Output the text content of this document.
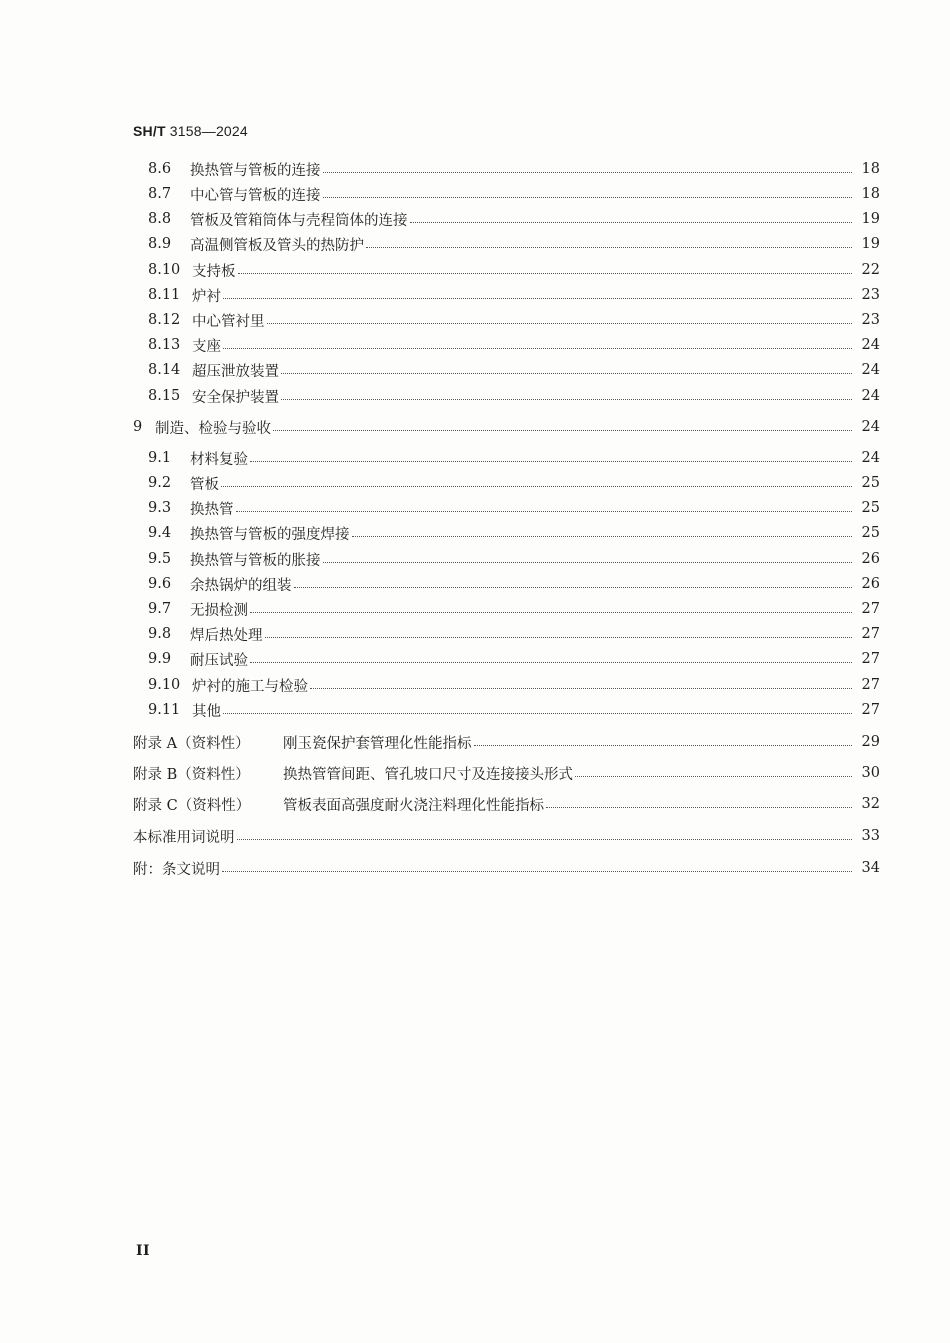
SH/T 3158—2024
8.6	换热管与管板的连接	18
8.7	中心管与管板的连接	18
8.8	管板及管箱筒体与壳程筒体的连接	19
8.9	高温侧管板及管头的热防护	19
8.10 支持板	22
8.11 炉衬	23
8.12 中心管衬里	23
8.13 支座	24
8.14 超压泄放装置	24
8.15 安全保护装置	24
9 制造、检验与验收	24
9.1	材料复验	24
9.2	管板	25
9.3	换热管	25
9.4	换热管与管板的强度焊接	25
9.5	换热管与管板的胀接	26
9.6	余热锅炉的组装	26
9.7	无损检测	27
9.8	焊后热处理	27
9.9	耐压试验	27
9.10 炉衬的施工与检验	27
9.11 其他	27
附录 A（资料性）	刚玉瓷保护套管理化性能指标	29
附录 B（资料性）	换热管管间距、管孔坡口尺寸及连接接头形式	30
附录 C（资料性）	管板表面高强度耐火浇注料理化性能指标	32
本标准用词说明	33
附：条文说明	34
II
